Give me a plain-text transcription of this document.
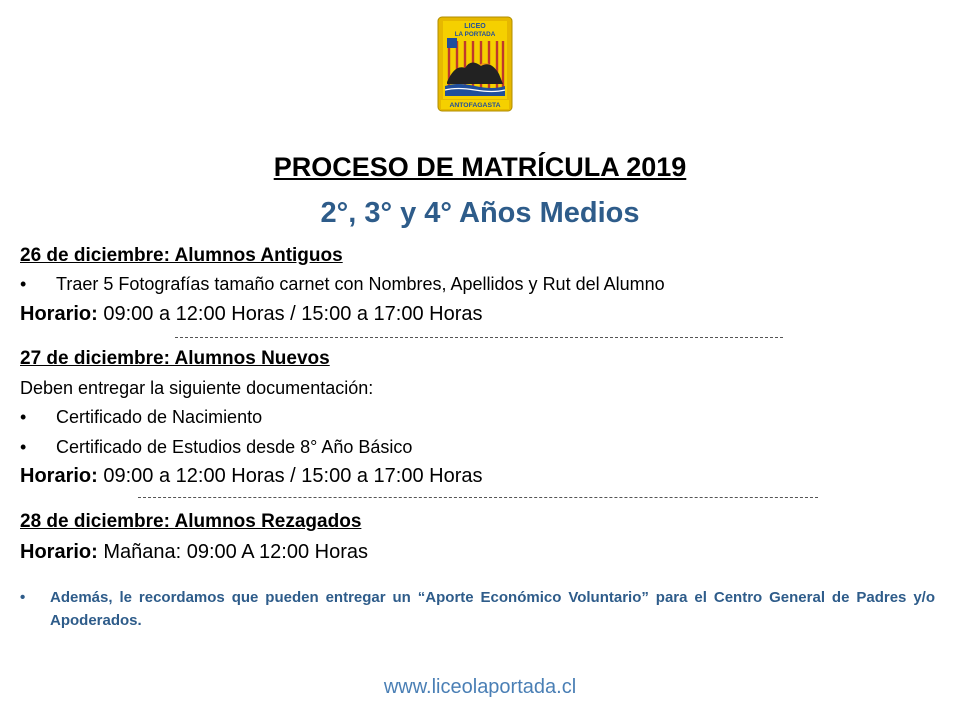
LICEO
LA PORTADA
ANTOFAGASTA
PROCESO DE MATRÍCULA 2019
2°, 3° y 4° Años Medios
26 de diciembre: Alumnos Antiguos
• Traer 5 Fotografías tamaño carnet con Nombres, Apellidos y Rut del Alumno
Horario: 09:00 a 12:00 Horas / 15:00 a 17:00 Horas
27 de diciembre: Alumnos Nuevos
Deben entregar la siguiente documentación:
• Certificado de Nacimiento
• Certificado de Estudios desde 8° Año Básico
Horario: 09:00 a 12:00 Horas / 15:00 a 17:00 Horas
28 de diciembre: Alumnos Rezagados
Horario: Mañana: 09:00 A 12:00 Horas
• Además, le recordamos que pueden entregar un “Aporte Económico Voluntario” para el Centro General de Padres y/o Apoderados.
www.liceolaportada.cl
